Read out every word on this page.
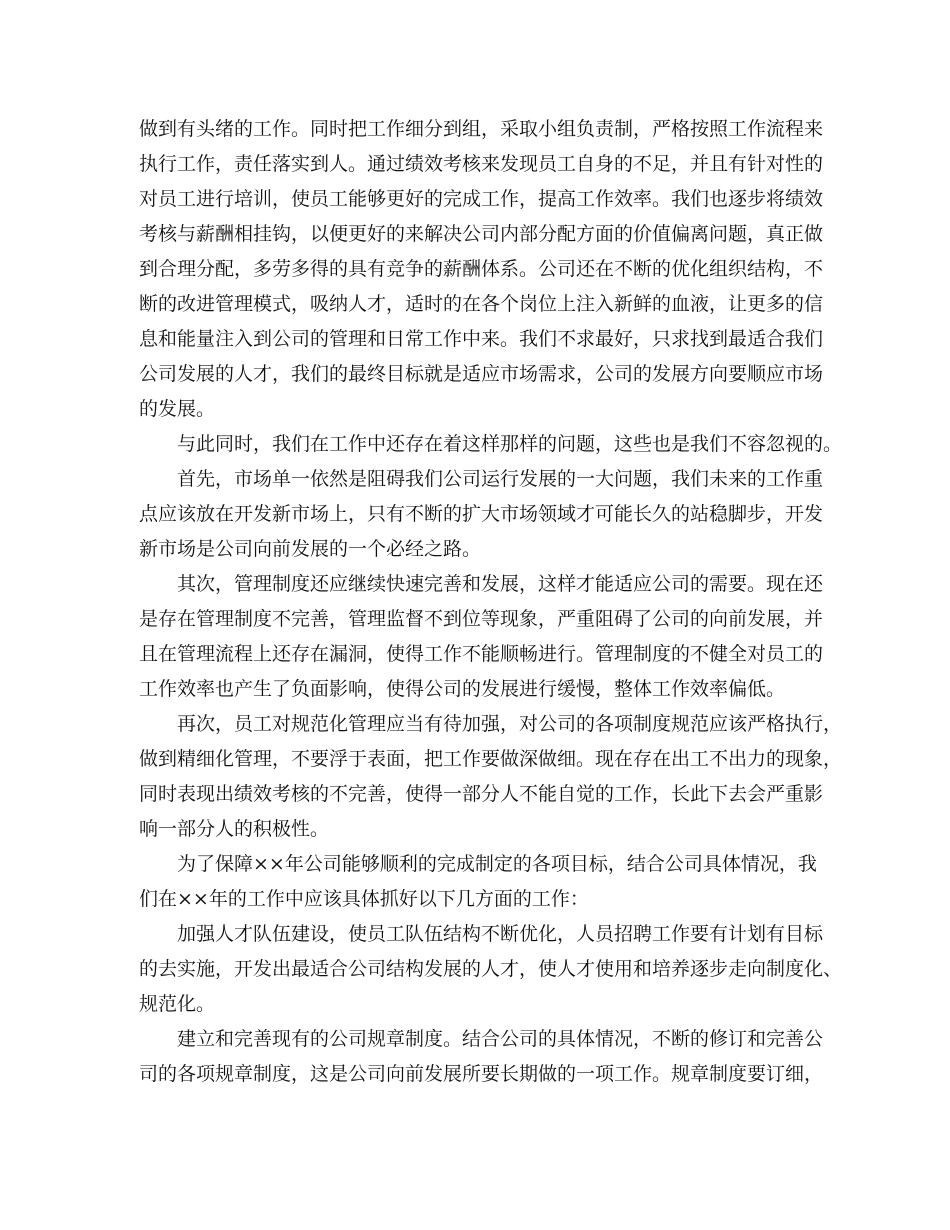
做到有头绪的工作。同时把工作细分到组，采取小组负责制，严格按照工作流程来
执行工作，责任落实到人。通过绩效考核来发现员工自身的不足，并且有针对性的
对员工进行培训，使员工能够更好的完成工作，提高工作效率。我们也逐步将绩效
考核与薪酬相挂钩，以便更好的来解决公司内部分配方面的价值偏离问题，真正做
到合理分配，多劳多得的具有竞争的薪酬体系。公司还在不断的优化组织结构，不
断的改进管理模式，吸纳人才，适时的在各个岗位上注入新鲜的血液，让更多的信
息和能量注入到公司的管理和日常工作中来。我们不求最好，只求找到最适合我们
公司发展的人才，我们的最终目标就是适应市场需求，公司的发展方向要顺应市场
的发展。
与此同时，我们在工作中还存在着这样那样的问题，这些也是我们不容忽视的。
首先，市场单一依然是阻碍我们公司运行发展的一大问题，我们未来的工作重
点应该放在开发新市场上，只有不断的扩大市场领域才可能长久的站稳脚步，开发
新市场是公司向前发展的一个必经之路。
其次，管理制度还应继续快速完善和发展，这样才能适应公司的需要。现在还
是存在管理制度不完善，管理监督不到位等现象，严重阻碍了公司的向前发展，并
且在管理流程上还存在漏洞，使得工作不能顺畅进行。管理制度的不健全对员工的
工作效率也产生了负面影响，使得公司的发展进行缓慢，整体工作效率偏低。
再次，员工对规范化管理应当有待加强，对公司的各项制度规范应该严格执行，
做到精细化管理，不要浮于表面，把工作要做深做细。现在存在出工不出力的现象，
同时表现出绩效考核的不完善，使得一部分人不能自觉的工作，长此下去会严重影
响一部分人的积极性。
为了保障××年公司能够顺利的完成制定的各项目标，结合公司具体情况，我
们在××年的工作中应该具体抓好以下几方面的工作：
加强人才队伍建设，使员工队伍结构不断优化，人员招聘工作要有计划有目标
的去实施，开发出最适合公司结构发展的人才，使人才使用和培养逐步走向制度化、
规范化。
建立和完善现有的公司规章制度。结合公司的具体情况，不断的修订和完善公
司的各项规章制度，这是公司向前发展所要长期做的一项工作。规章制度要订细，
